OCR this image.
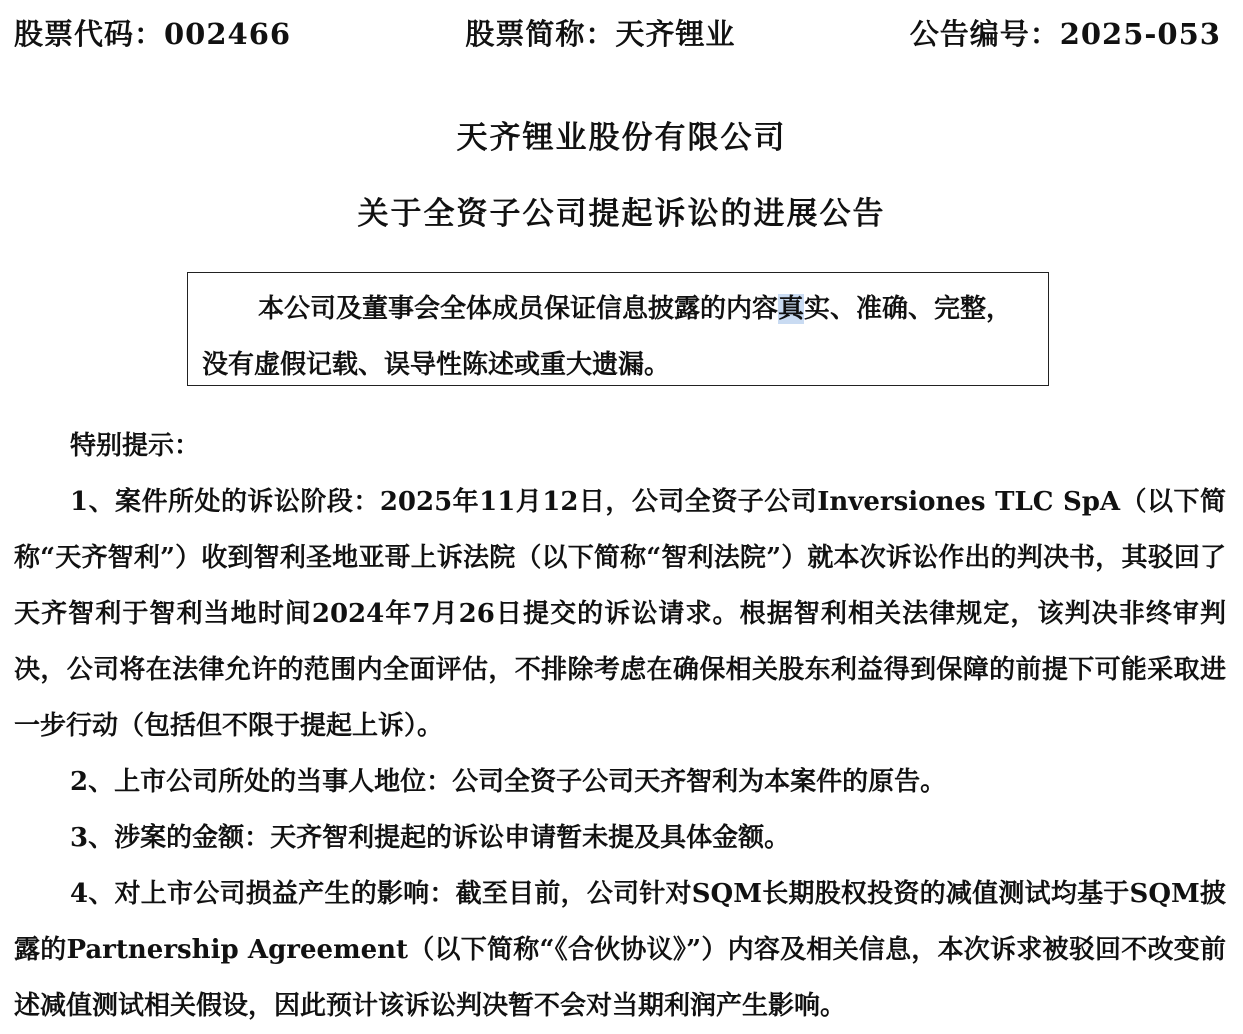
股票代码：002466	股票简称：天齐锂业	公告编号：2025-053
天齐锂业股份有限公司
关于全资子公司提起诉讼的进展公告

本公司及董事会全体成员保证信息披露的内容真实、准确、完整，没有虚假记载、误导性陈述或重大遗漏。

特别提示：

1、案件所处的诉讼阶段：2025年11月12日，公司全资子公司Inversiones TLC SpA（以下简称“天齐智利”）收到智利圣地亚哥上诉法院（以下简称“智利法院”）就本次诉讼作出的判决书，其驳回了天齐智利于智利当地时间2024年7月26日提交的诉讼请求。根据智利相关法律规定，该判决非终审判决，公司将在法律允许的范围内全面评估，不排除考虑在确保相关股东利益得到保障的前提下可能采取进一步行动（包括但不限于提起上诉）。

2、上市公司所处的当事人地位：公司全资子公司天齐智利为本案件的原告。

3、涉案的金额：天齐智利提起的诉讼申请暂未提及具体金额。

4、对上市公司损益产生的影响：截至目前，公司针对SQM长期股权投资的减值测试均基于SQM披露的Partnership Agreement（以下简称“《合伙协议》”）内容及相关信息，本次诉求被驳回不改变前述减值测试相关假设，因此预计该诉讼判决暂不会对当期利润产生影响。
